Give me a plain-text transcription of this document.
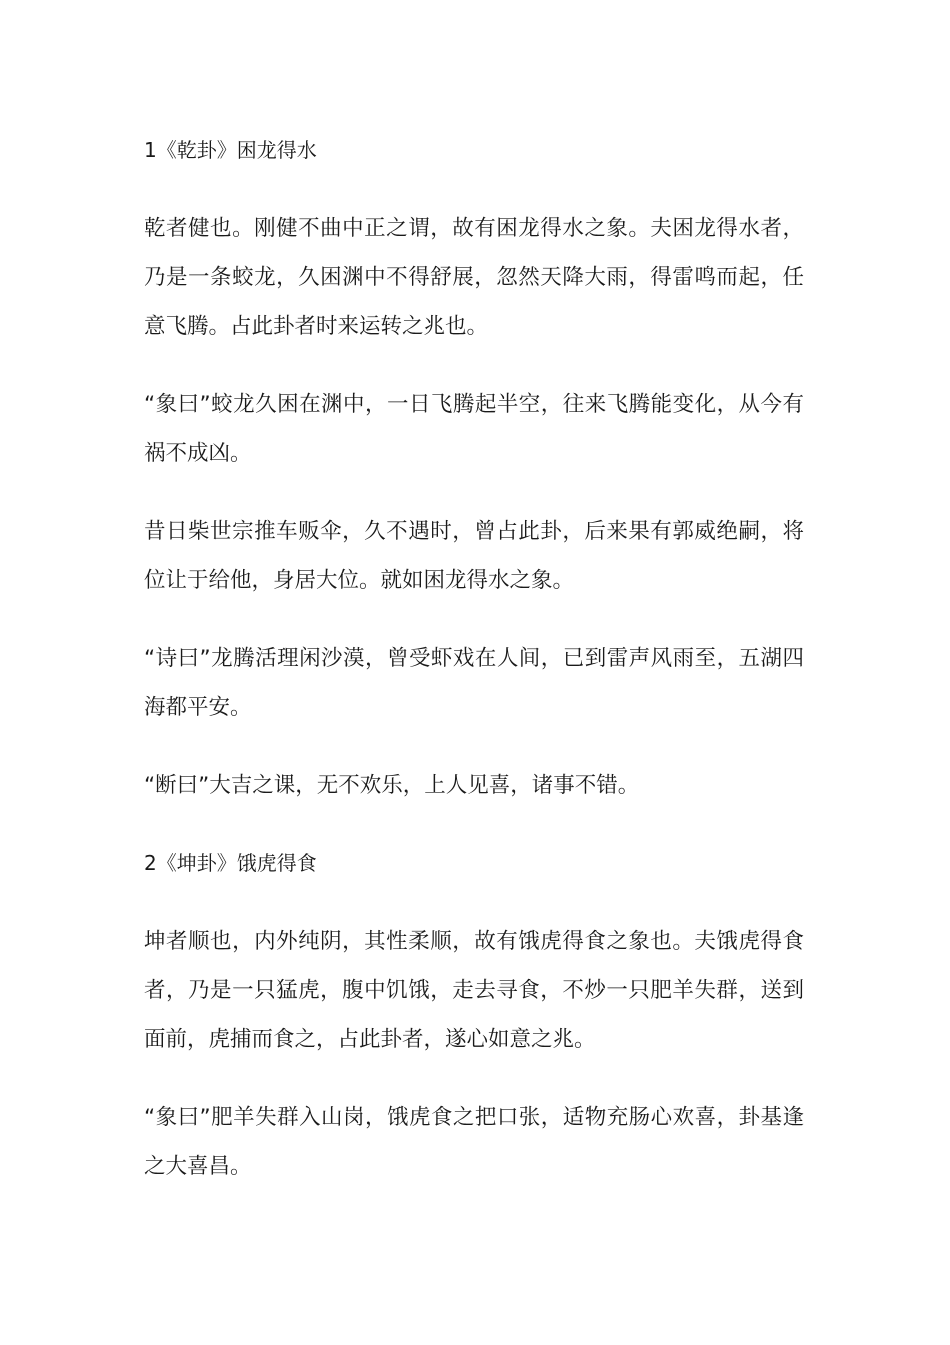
1《乾卦》困龙得水

乾者健也。刚健不曲中正之谓，故有困龙得水之象。夫困龙得水者，乃是一条蛟龙，久困渊中不得舒展，忽然天降大雨，得雷鸣而起，任意飞腾。占此卦者时来运转之兆也。

“象曰”蛟龙久困在渊中，一日飞腾起半空，往来飞腾能变化，从今有祸不成凶。

昔日柴世宗推车贩伞，久不遇时，曾占此卦，后来果有郭威绝嗣，将位让于给他，身居大位。就如困龙得水之象。

“诗曰”龙腾活理闲沙漠，曾受虾戏在人间，已到雷声风雨至，五湖四海都平安。

“断曰”大吉之课，无不欢乐，上人见喜，诸事不错。

2《坤卦》饿虎得食

坤者顺也，内外纯阴，其性柔顺，故有饿虎得食之象也。夫饿虎得食者，乃是一只猛虎，腹中饥饿，走去寻食，不炒一只肥羊失群，送到面前，虎捕而食之，占此卦者，遂心如意之兆。

“象曰”肥羊失群入山岗，饿虎食之把口张，适物充肠心欢喜，卦基逢之大喜昌。
